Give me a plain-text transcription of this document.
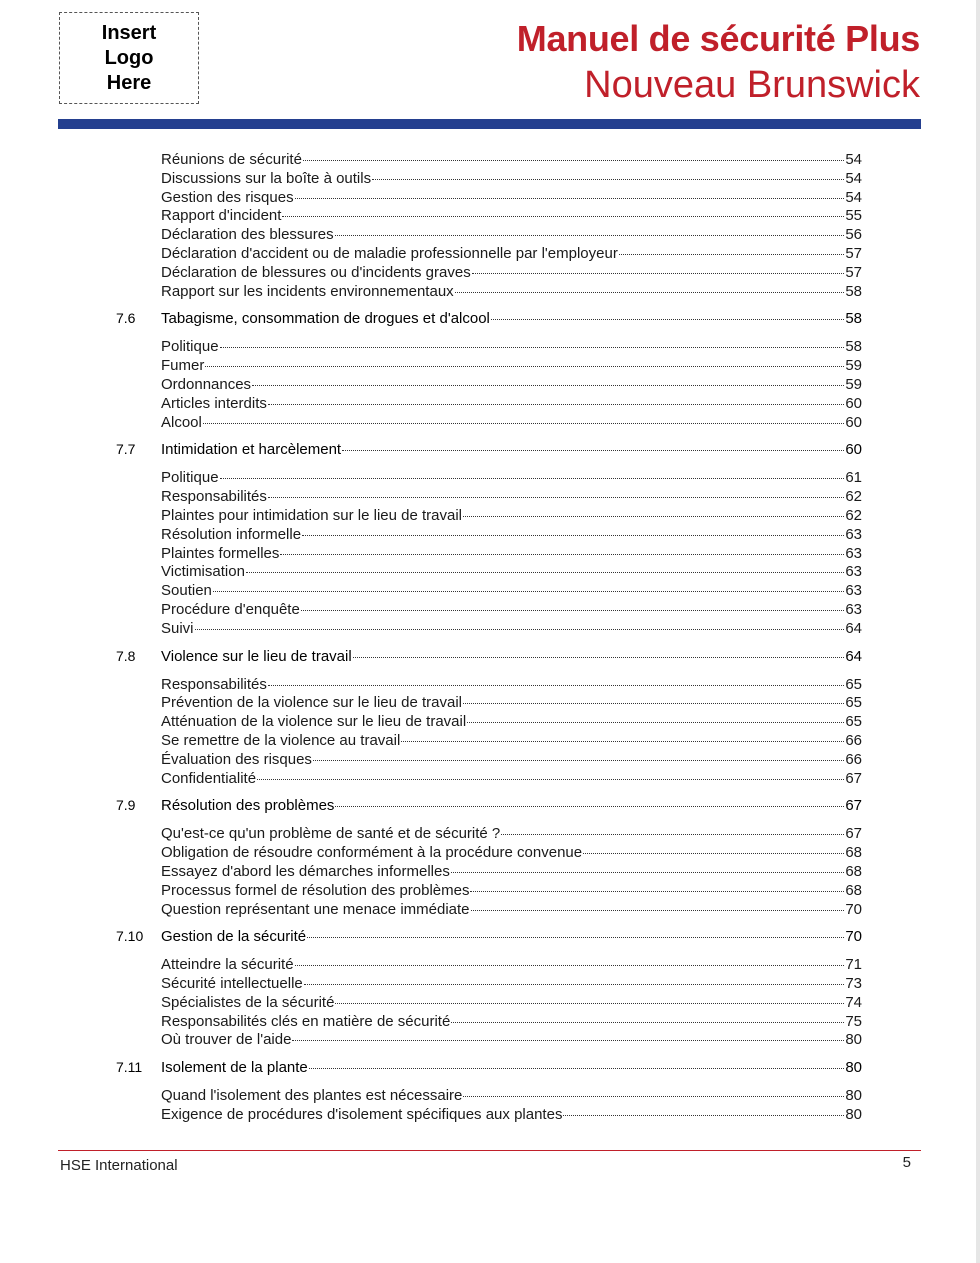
Insert
Logo
Here
Manuel de sécurité Plus
Nouveau Brunswick
Réunions de sécurité	54
Discussions sur la boîte à outils	54
Gestion des risques	54
Rapport d'incident	55
Déclaration des blessures	56
Déclaration d'accident ou de maladie professionnelle par l'employeur	57
Déclaration de blessures ou d'incidents graves	57
Rapport sur les incidents environnementaux	58
7.6	Tabagisme, consommation de drogues et d'alcool	58
Politique	58
Fumer	59
Ordonnances	59
Articles interdits	60
Alcool	60
7.7	Intimidation et harcèlement	60
Politique	61
Responsabilités	62
Plaintes pour intimidation sur le lieu de travail	62
Résolution informelle	63
Plaintes formelles	63
Victimisation	63
Soutien	63
Procédure d'enquête	63
Suivi	64
7.8	Violence sur le lieu de travail	64
Responsabilités	65
Prévention de la violence sur le lieu de travail	65
Atténuation de la violence sur le lieu de travail	65
Se remettre de la violence au travail	66
Évaluation des risques	66
Confidentialité	67
7.9	Résolution des problèmes	67
Qu'est-ce qu'un problème de santé et de sécurité ?	67
Obligation de résoudre conformément à la procédure convenue	68
Essayez d'abord les démarches informelles	68
Processus formel de résolution des problèmes	68
Question représentant une menace immédiate	70
7.10	Gestion de la sécurité	70
Atteindre la sécurité	71
Sécurité intellectuelle	73
Spécialistes de la sécurité	74
Responsabilités clés en matière de sécurité	75
Où trouver de l'aide	80
7.11	Isolement de la plante	80
Quand l'isolement des plantes est nécessaire	80
Exigence de procédures d'isolement spécifiques aux plantes	80
HSE International	5
